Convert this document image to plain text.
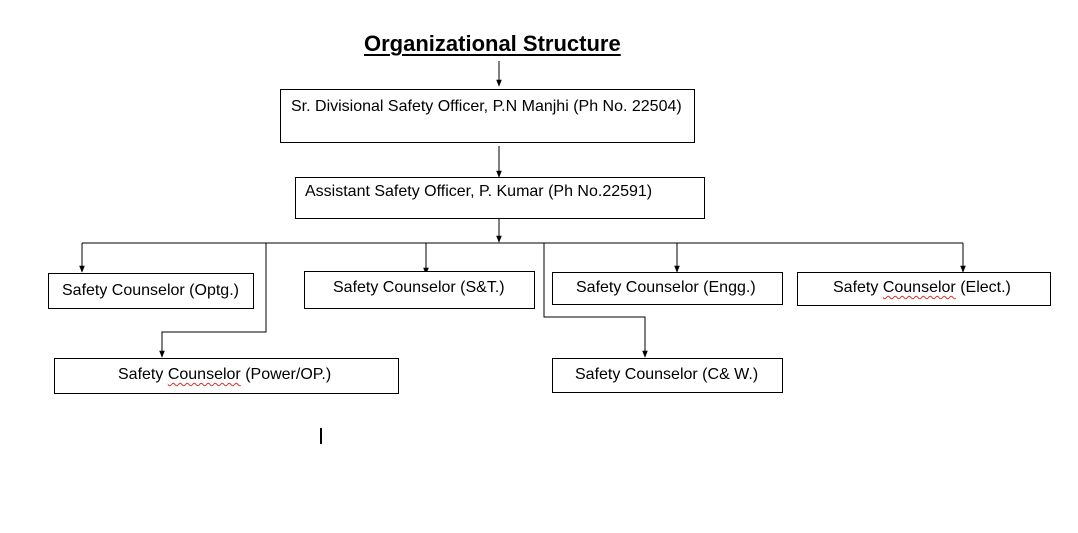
Organizational Structure
Sr. Divisional Safety Officer, P.N Manjhi (Ph No. 22504)
Assistant Safety Officer, P. Kumar (Ph No.22591)
Safety Counselor (Optg.)	Safety Counselor (S&T.)	Safety Counselor (Engg.)	Safety Counselor (Elect.)
Safety Counselor (Power/OP.)	Safety Counselor (C& W.)
